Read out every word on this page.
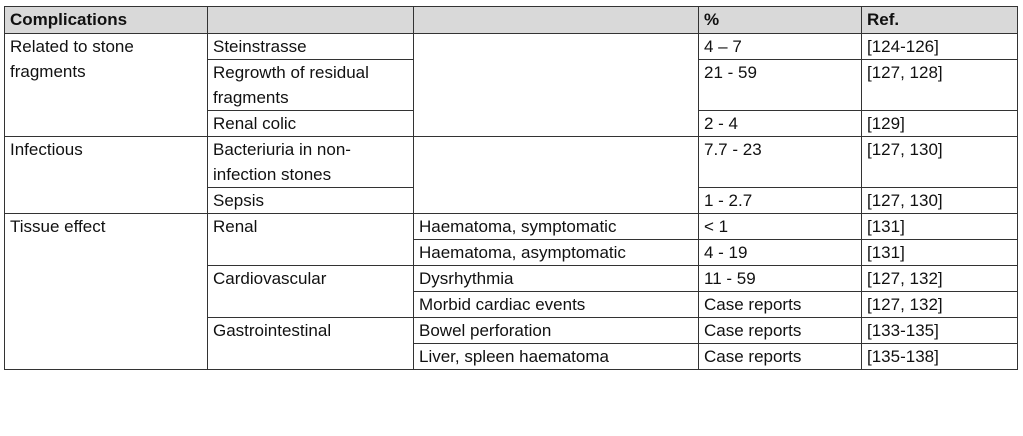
Complications			%	Ref.
Related to stone fragments	Steinstrasse		4 – 7	[124-126]
	Regrowth of residual fragments		21 - 59	[127, 128]
	Renal colic		2 - 4	[129]
Infectious	Bacteriuria in non-infection stones		7.7 - 23	[127, 130]
	Sepsis		1 - 2.7	[127, 130]
Tissue effect	Renal	Haematoma, symptomatic	< 1	[131]
		Haematoma, asymptomatic	4 - 19	[131]
	Cardiovascular	Dysrhythmia	11 - 59	[127, 132]
		Morbid cardiac events	Case reports	[127, 132]
	Gastrointestinal	Bowel perforation	Case reports	[133-135]
		Liver, spleen haematoma	Case reports	[135-138]
